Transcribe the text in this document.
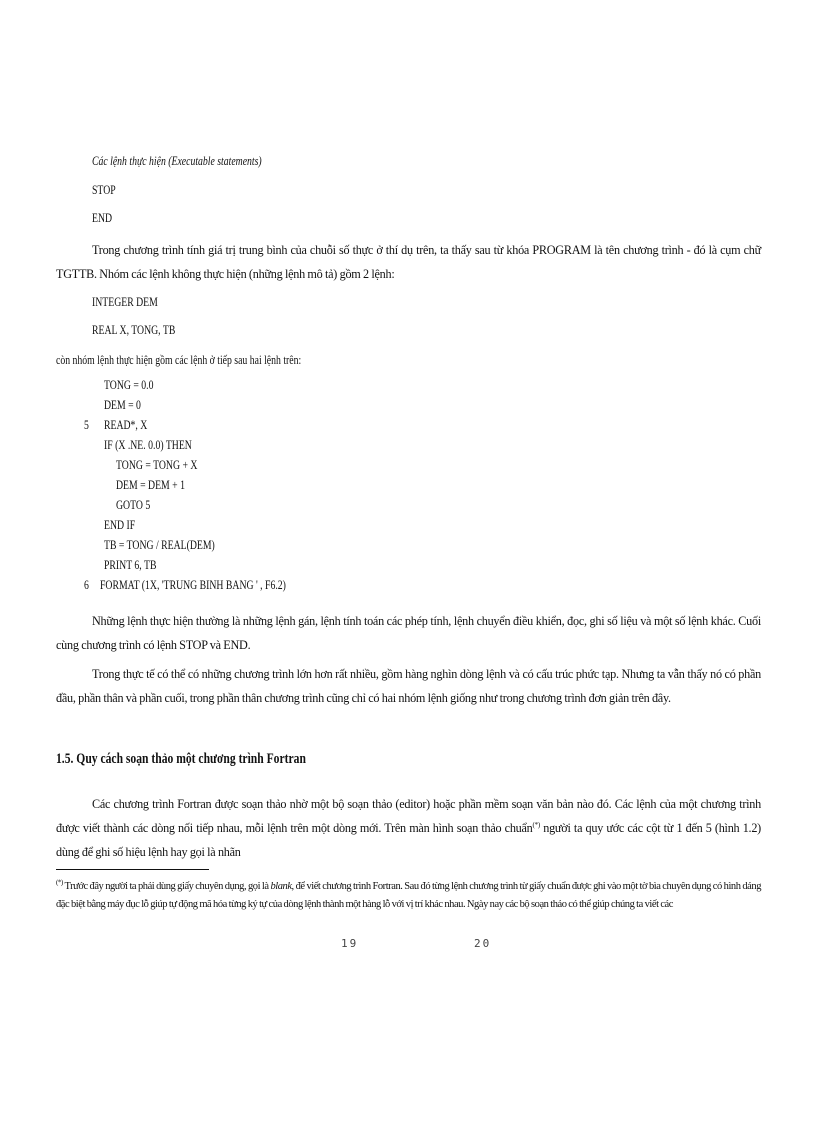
Các lệnh thực hiện (Executable statements)
STOP
END
Trong chương trình tính giá trị trung bình của chuỗi số thực ở thí dụ trên, ta thấy sau từ khóa PROGRAM là tên chương trình - đó là cụm chữ TGTTB. Nhóm các lệnh không thực hiện (những lệnh mô tả) gồm 2 lệnh:
INTEGER DEM
REAL X, TONG, TB
còn nhóm lệnh thực hiện gồm các lệnh ở tiếp sau hai lệnh trên:
TONG = 0.0
DEM = 0
5 READ*, X
IF (X .NE. 0.0) THEN
TONG = TONG + X
DEM = DEM + 1
GOTO 5
END IF
TB = TONG / REAL(DEM)
PRINT 6, TB
6 FORMAT (1X, 'TRUNG BINH BANG ' , F6.2)
Những lệnh thực hiện thường là những lệnh gán, lệnh tính toán các phép tính, lệnh chuyển điều khiển, đọc, ghi số liệu và một số lệnh khác. Cuối cùng chương trình có lệnh STOP và END.
Trong thực tế có thể có những chương trình lớn hơn rất nhiều, gồm hàng nghìn dòng lệnh và có cấu trúc phức tạp. Nhưng ta vẫn thấy nó có phần đầu, phần thân và phần cuối, trong phần thân chương trình cũng chỉ có hai nhóm lệnh giống như trong chương trình đơn giản trên đây.
1.5. Quy cách soạn thảo một chương trình Fortran
Các chương trình Fortran được soạn thảo nhờ một bộ soạn thảo (editor) hoặc phần mềm soạn văn bản nào đó. Các lệnh của một chương trình được viết thành các dòng nối tiếp nhau, mỗi lệnh trên một dòng mới. Trên màn hình soạn thảo chuẩn(*) người ta quy ước các cột từ 1 đến 5 (hình 1.2) dùng để ghi số hiệu lệnh hay gọi là nhãn
(*) Trước đây người ta phải dùng giấy chuyên dụng, gọi là blank, để viết chương trình Fortran. Sau đó từng lệnh chương trình từ giấy chuẩn được ghi vào một tờ bìa chuyên dụng có hình dáng đặc biệt bằng máy đục lỗ giúp tự động mã hóa từng ký tự của dòng lệnh thành một hàng lỗ với vị trí khác nhau. Ngày nay các bộ soạn thảo có thể giúp chúng ta viết các
19	20
